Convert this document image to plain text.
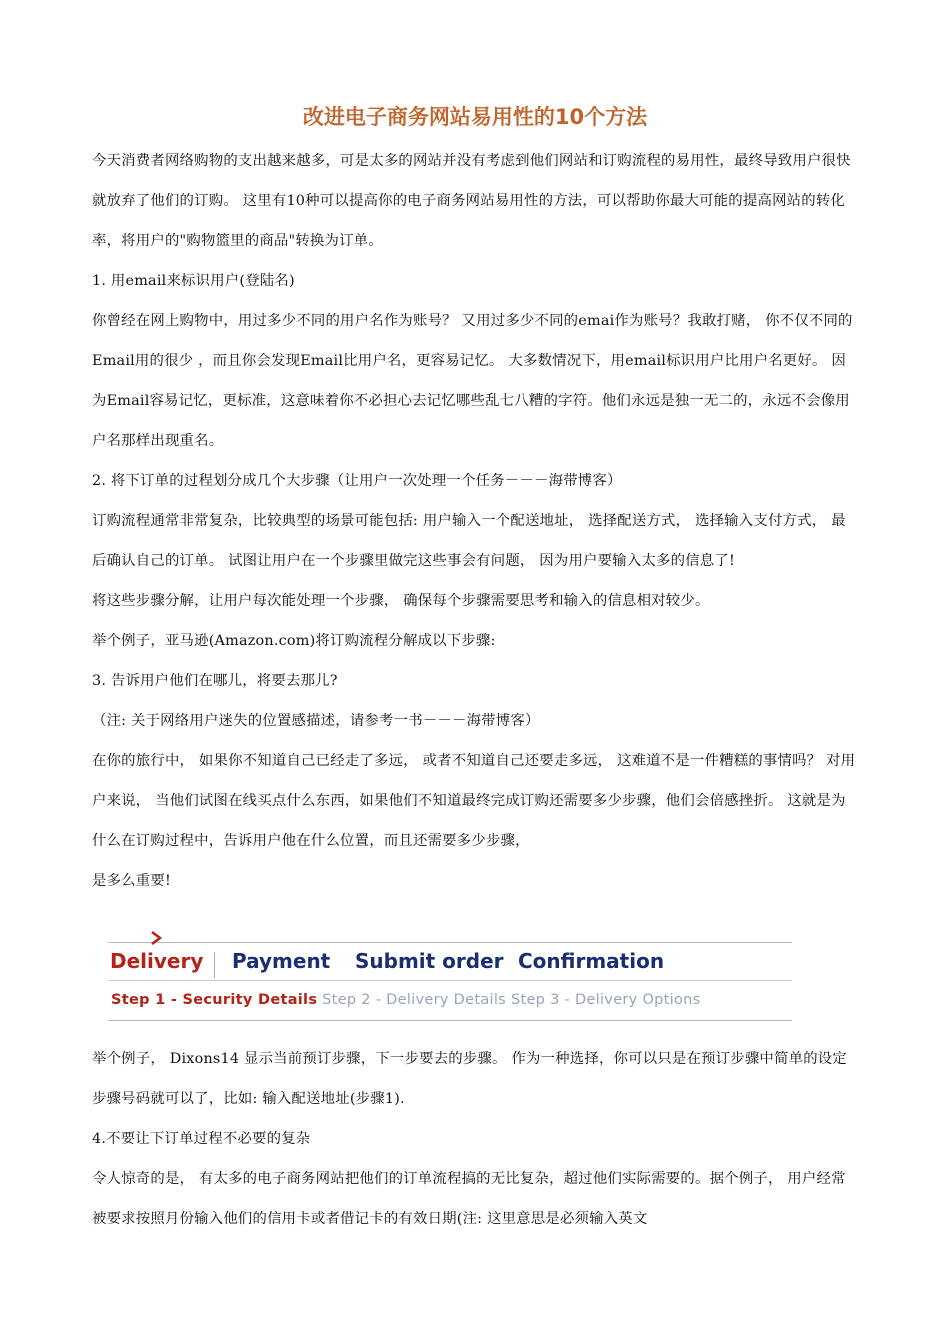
改进电子商务网站易用性的10个方法

今天消费者网络购物的支出越来越多，可是太多的网站并没有考虑到他们网站和订购流程的易用性，最终导致用户很快就放弃了他们的订购。 这里有10种可以提高你的电子商务网站易用性的方法，可以帮助你最大可能的提高网站的转化率，将用户的"购物篮里的商品"转换为订单。

1. 用email来标识用户(登陆名)

你曾经在网上购物中，用过多少不同的用户名作为账号？ 又用过多少不同的emai作为账号？我敢打赌， 你不仅不同的Email用的很少 ，而且你会发现Email比用户名，更容易记忆。 大多数情况下，用email标识用户比用户名更好。 因为Email容易记忆，更标准，这意味着你不必担心去记忆哪些乱七八糟的字符。他们永远是独一无二的，永远不会像用户名那样出现重名。

2. 将下订单的过程划分成几个大步骤（让用户一次处理一个任务－－－海带博客）

订购流程通常非常复杂，比较典型的场景可能包括: 用户输入一个配送地址， 选择配送方式， 选择输入支付方式， 最后确认自己的订单。 试图让用户在一个步骤里做完这些事会有问题， 因为用户要输入太多的信息了!

将这些步骤分解，让用户每次能处理一个步骤， 确保每个步骤需要思考和输入的信息相对较少。

举个例子，亚马逊(Amazon.com)将订购流程分解成以下步骤:

3. 告诉用户他们在哪儿，将要去那儿?

（注: 关于网络用户迷失的位置感描述，请参考一书－－－海带博客）

在你的旅行中， 如果你不知道自己已经走了多远， 或者不知道自己还要走多远， 这难道不是一件糟糕的事情吗？ 对用户来说， 当他们试图在线买点什么东西，如果他们不知道最终完成订购还需要多少步骤，他们会倍感挫折。 这就是为什么在订购过程中，告诉用户他在什么位置，而且还需要多少步骤，

是多么重要!

Delivery Payment Submit order Confirmation
Step 1 - Security Details Step 2 - Delivery Details Step 3 - Delivery Options

举个例子， Dixons14 显示当前预订步骤，下一步要去的步骤。 作为一种选择，你可以只是在预订步骤中简单的设定步骤号码就可以了，比如: 输入配送地址(步骤1).

4.不要让下订单过程不必要的复杂

令人惊奇的是， 有太多的电子商务网站把他们的订单流程搞的无比复杂，超过他们实际需要的。据个例子， 用户经常被要求按照月份输入他们的信用卡或者借记卡的有效日期(注: 这里意思是必须输入英文
